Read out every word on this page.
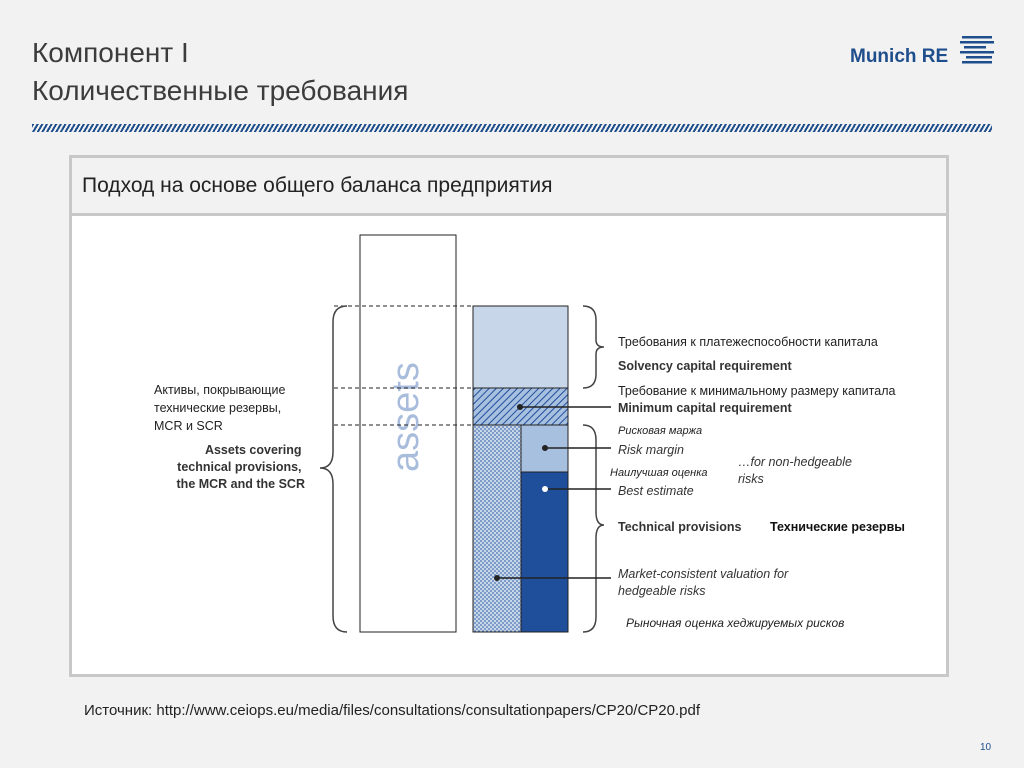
Компонент I
Количественные требования
Munich RE
Подход на основе общего баланса предприятия
assets
Активы, покрывающие технические резервы, MCR и SCR
Assets covering technical provisions, the MCR and the SCR
Требования к платежеспособности капитала
Solvency capital requirement
Требование к минимальному размеру капитала
Minimum capital requirement
Рисковая маржа
Risk margin
…for non-hedgeable risks
Наилучшая оценка
Best estimate
Technical provisions Технические резервы
Market-consistent valuation for hedgeable risks
Рыночная оценка хеджируемых рисков
Источник: http://www.ceiops.eu/media/files/consultations/consultationpapers/CP20/CP20.pdf
10
